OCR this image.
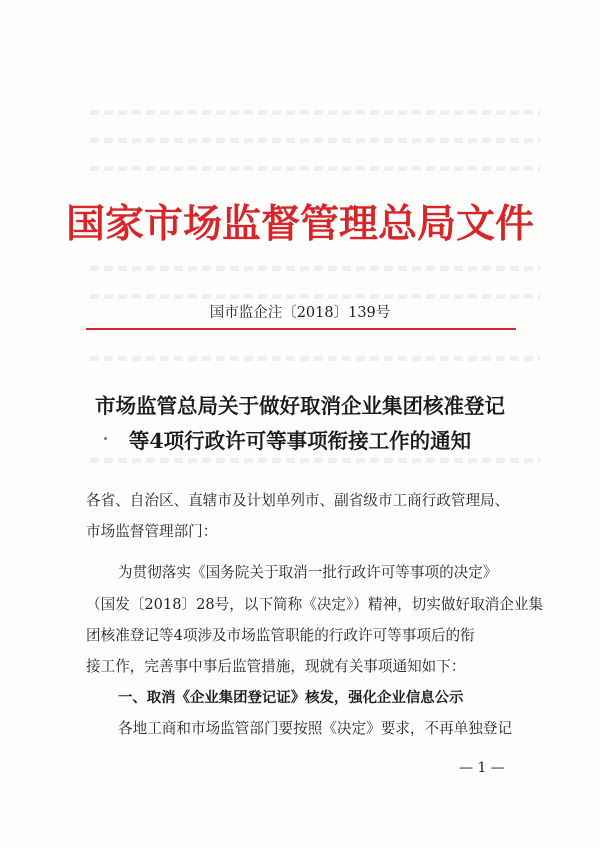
国家市场监督管理总局文件
国市监企注〔2018〕139号
市场监管总局关于做好取消企业集团核准登记
等4项行政许可等事项衔接工作的通知
各省、自治区、直辖市及计划单列市、副省级市工商行政管理局、
市场监督管理部门：
为贯彻落实《国务院关于取消一批行政许可等事项的决定》
（国发〔2018〕28号，以下简称《决定》）精神，切实做好取消企业集
团核准登记等4项涉及市场监管职能的行政许可等事项后的衔
接工作，完善事中事后监管措施，现就有关事项通知如下：
一、取消《企业集团登记证》核发，强化企业信息公示
各地工商和市场监管部门要按照《决定》要求，不再单独登记
— 1 —
